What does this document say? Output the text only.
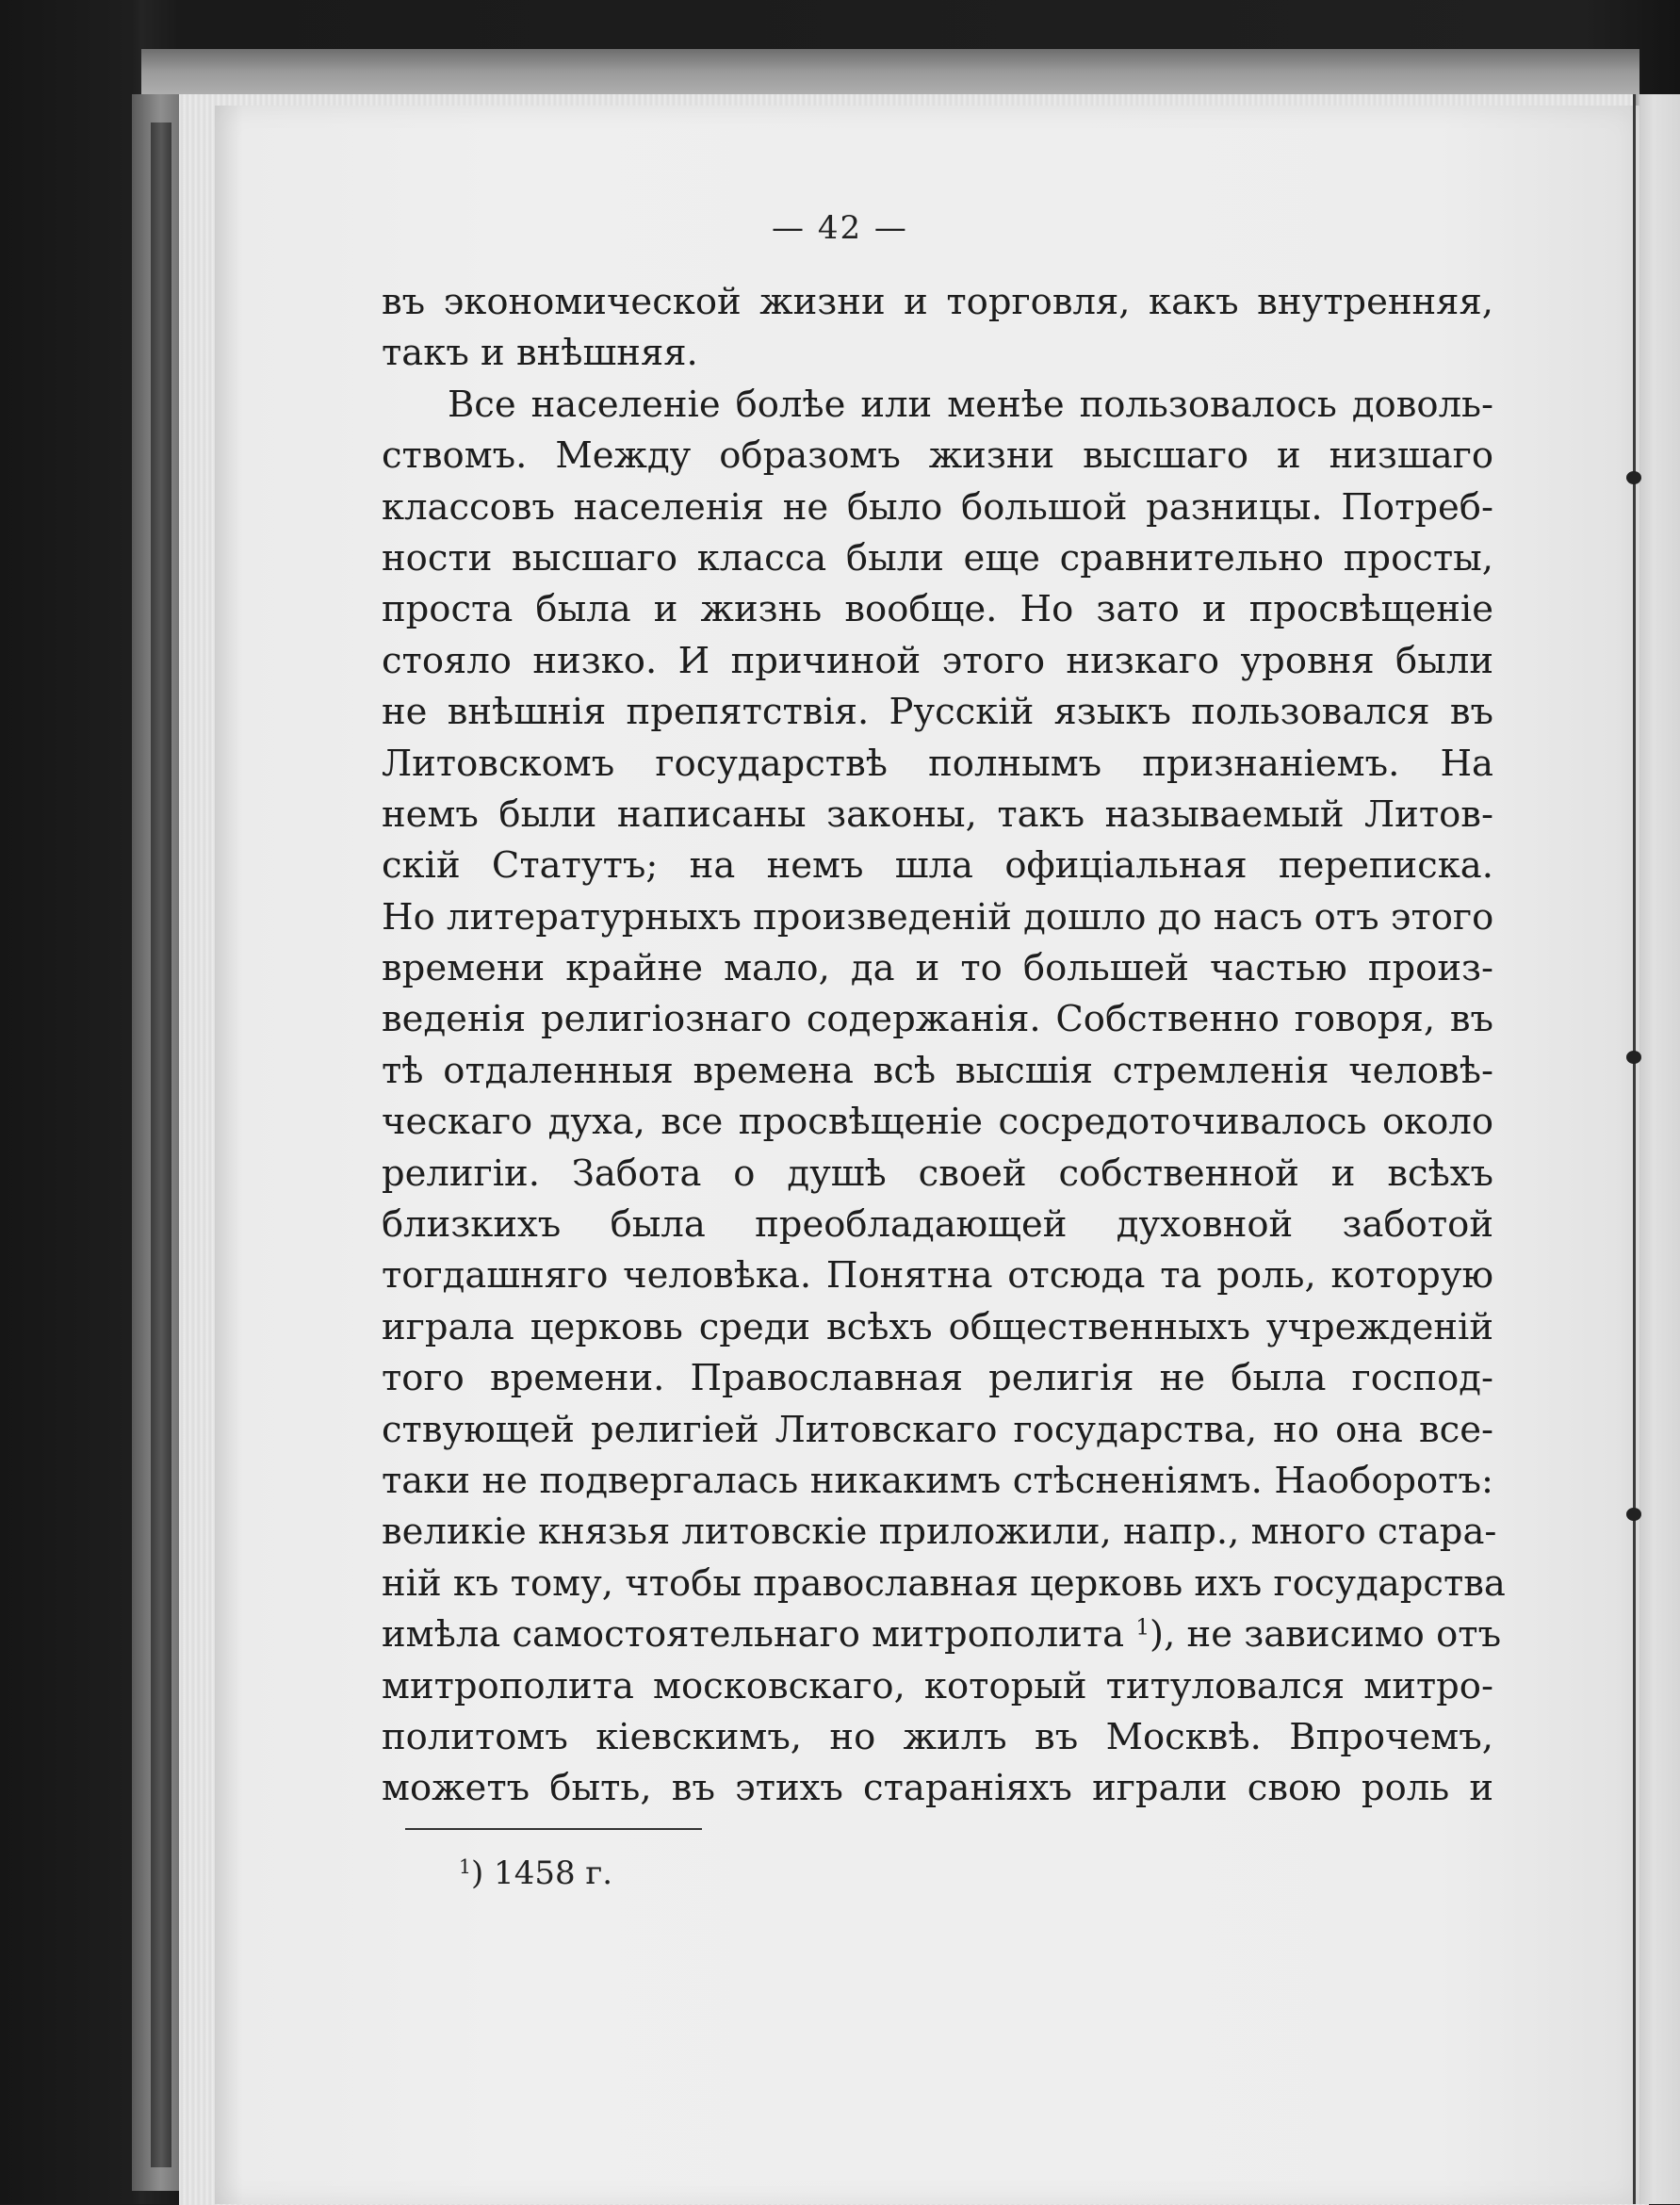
— 42 —
въ экономической жизни и торговля, какъ внутренняя,
такъ и внѣшняя.
Все населеніе болѣе или менѣе пользовалось доволь-
ствомъ. Между образомъ жизни высшаго и низшаго
классовъ населенія не было большой разницы. Потреб-
ности высшаго класса были еще сравнительно просты,
проста была и жизнь вообще. Но зато и просвѣщеніе
стояло низко. И причиной этого низкаго уровня были
не внѣшнія препятствія. Русскій языкъ пользовался въ
Литовскомъ государствѣ полнымъ признаніемъ. На
немъ были написаны законы, такъ называемый Литов-
скій Статутъ; на немъ шла офиціальная переписка.
Но литературныхъ произведеній дошло до насъ отъ этого
времени крайне мало, да и то большей частью произ-
веденія религіознаго содержанія. Собственно говоря, въ
тѣ отдаленныя времена всѣ высшія стремленія человѣ-
ческаго духа, все просвѣщеніе сосредоточивалось около
религіи. Забота о душѣ своей собственной и всѣхъ
близкихъ была преобладающей духовной заботой
тогдашняго человѣка. Понятна отсюда та роль, которую
играла церковь среди всѣхъ общественныхъ учрежденій
того времени. Православная религія не была господ-
ствующей религіей Литовскаго государства, но она все-
таки не подвергалась никакимъ стѣсненіямъ. Наоборотъ:
великіе князья литовскіе приложили, напр., много стара-
ній къ тому, чтобы православная церковь ихъ государства
имѣла самостоятельнаго митрополита $^1$), не зависимо отъ
митрополита московскаго, который титуловался митро-
политомъ кіевскимъ, но жилъ въ Москвѣ. Впрочемъ,
можетъ быть, въ этихъ стараніяхъ играли свою роль и
$^1$) 1458 г.
